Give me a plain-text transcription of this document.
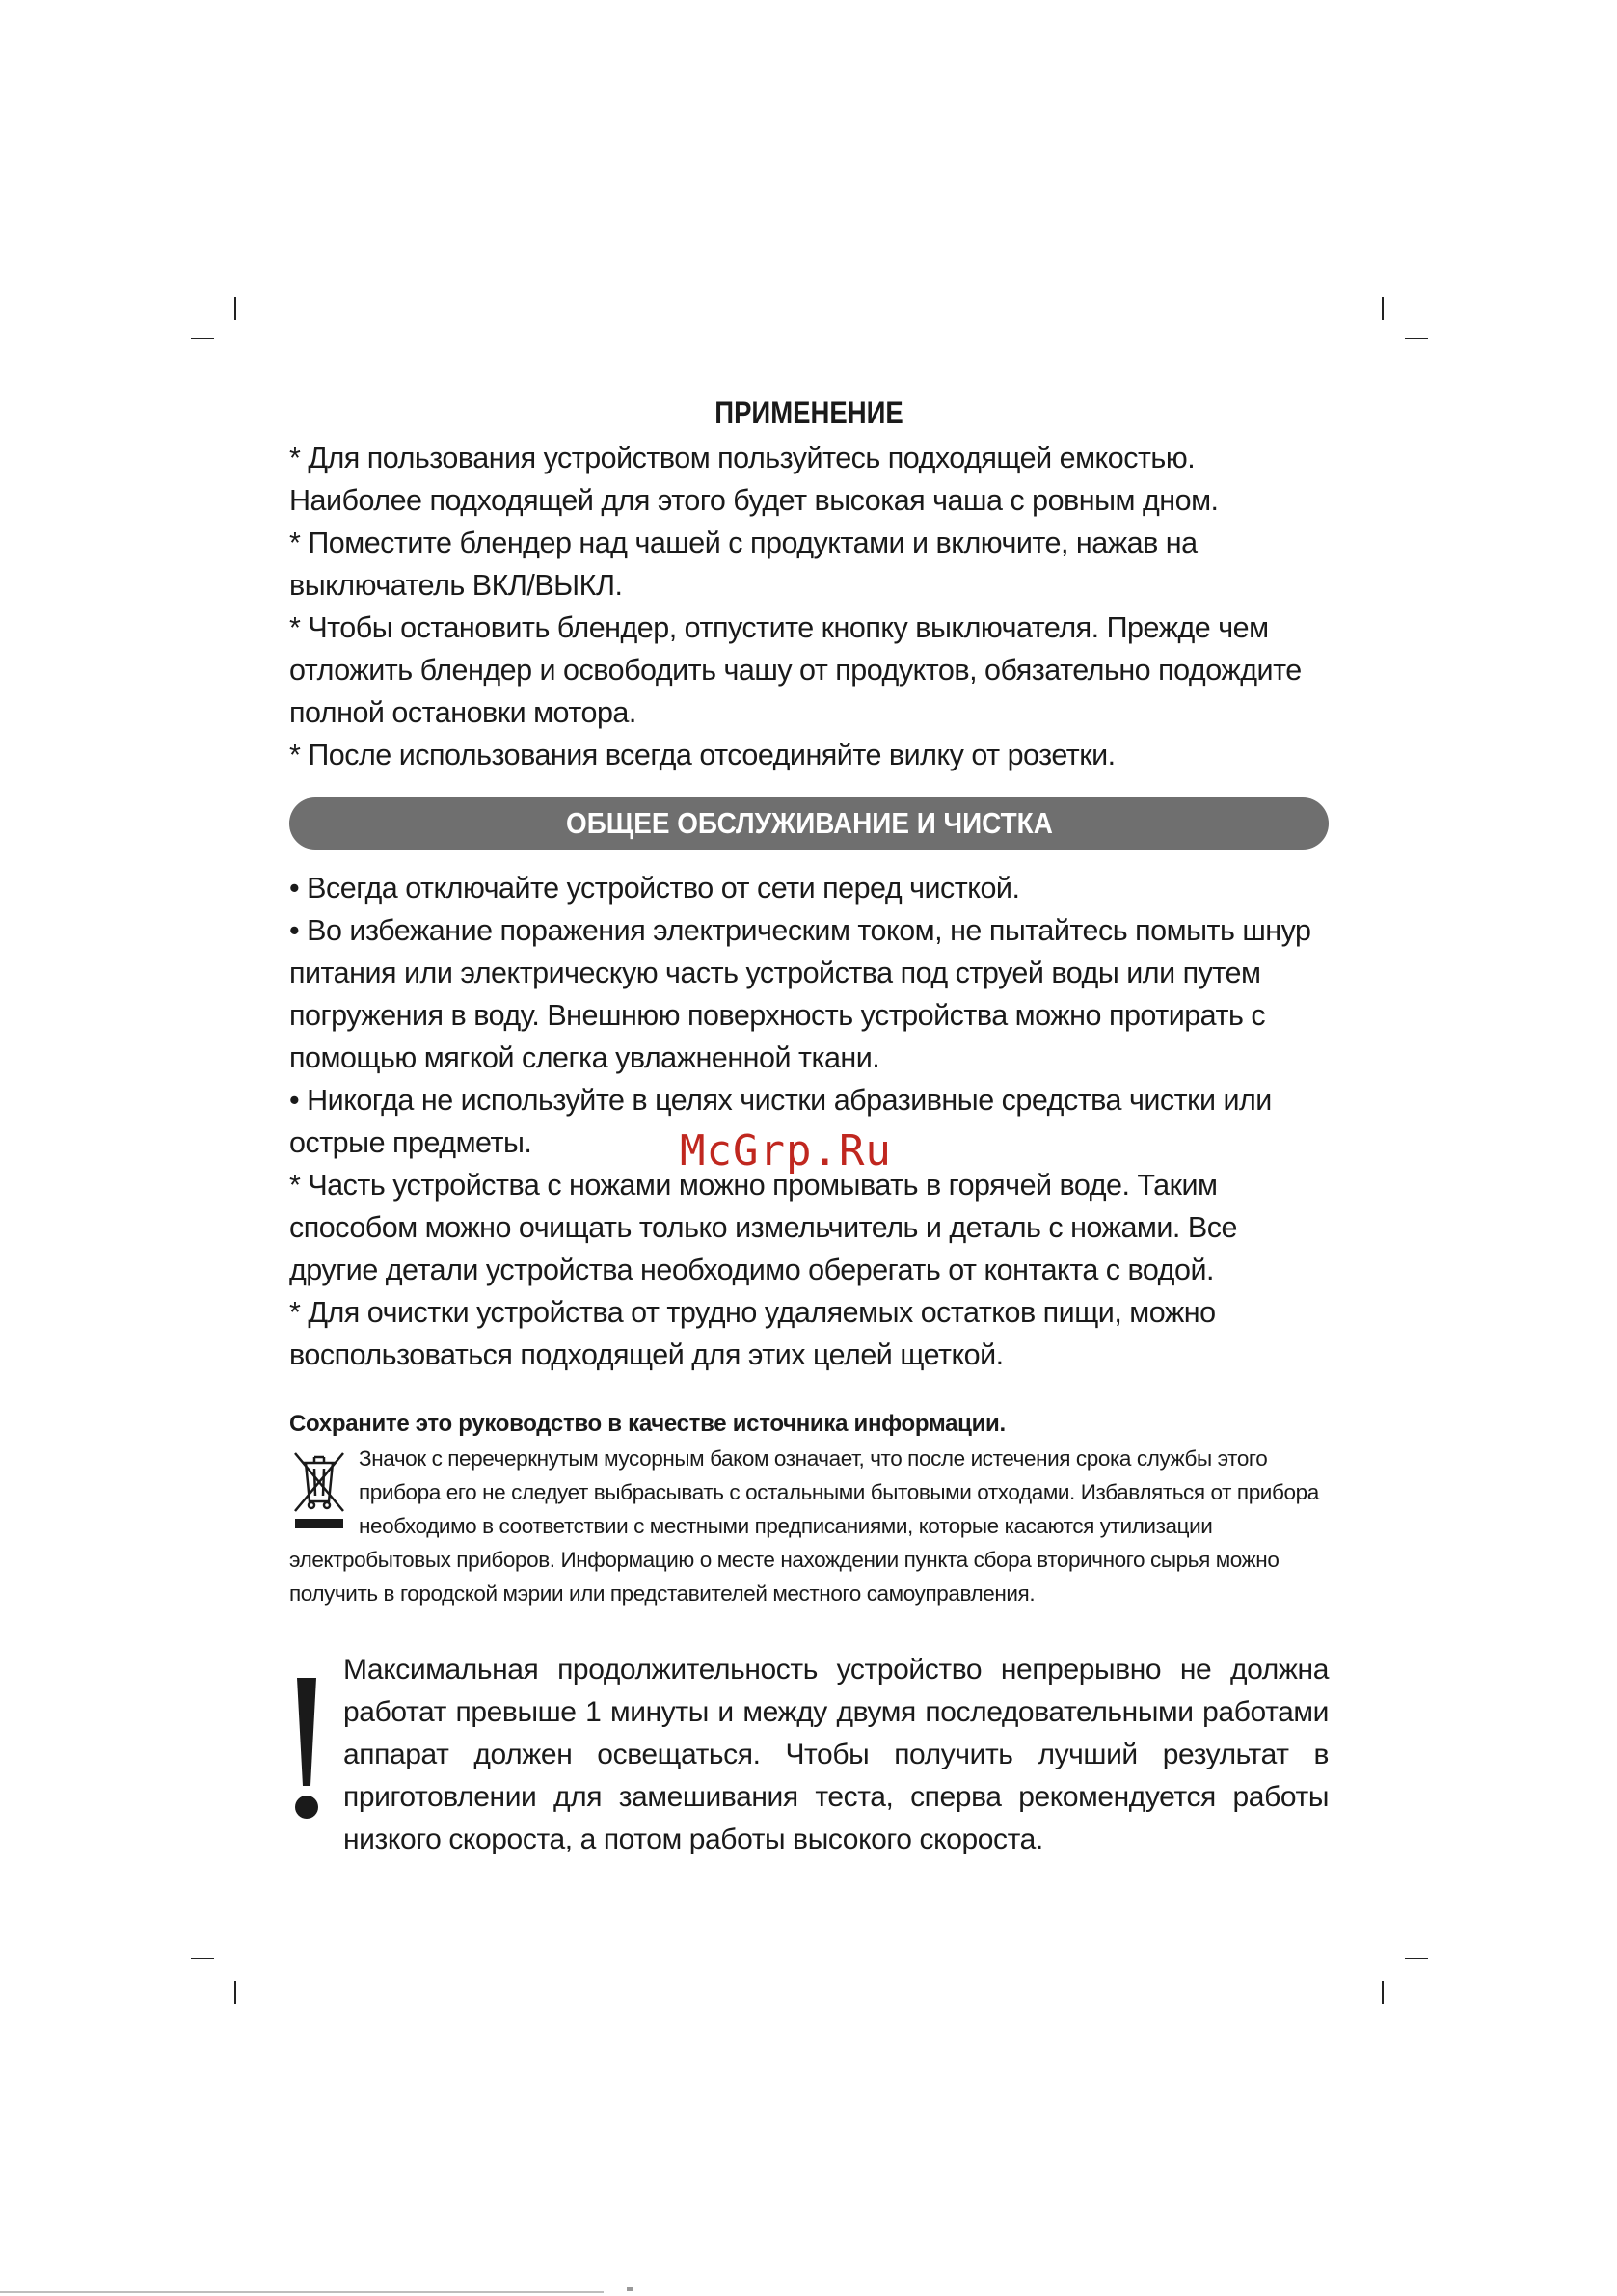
ПРИМЕНЕНИЕ

* Для пользования устройством пользуйтесь подходящей емкостью. Наиболее подходящей для этого будет высокая чаша с ровным дном.

* Поместите блендер над чашей с продуктами и включите, нажав на выключатель ВКЛ/ВЫКЛ.

* Чтобы остановить блендер, отпустите кнопку выключателя. Прежде чем отложить блендер и освободить чашу от продуктов, обязательно подождите полной остановки мотора.

* После использования всегда отсоединяйте вилку от розетки.

ОБЩЕЕ ОБСЛУЖИВАНИЕ И ЧИСТКА

• Всегда отключайте устройство от сети перед чисткой.

• Во избежание поражения электрическим током, не пытайтесь помыть шнур питания или электрическую часть устройства под струей воды или путем погружения в воду. Внешнюю поверхность устройства можно протирать с помощью мягкой слегка увлажненной ткани.

• Никогда не используйте в целях чистки абразивные средства чистки или острые предметы.

* Часть устройства с ножами можно промывать в горячей воде. Таким способом можно очищать только измельчитель и деталь с ножами. Все другие детали устройства необходимо оберегать от контакта с водой.

* Для очистки устройства от трудно удаляемых остатков пищи, можно воспользоваться подходящей для этих целей щеткой.

Сохраните это руководство в качестве источника информации.

Значок с перечеркнутым мусорным баком означает, что после истечения срока службы этого прибора его не следует выбрасывать с остальными бытовыми отходами. Избавляться от прибора необходимо в соответствии с местными предписаниями, которые касаются утилизации электробытовых приборов. Информацию о месте нахождении пункта сбора вторичного сырья можно получить в городской мэрии или представителей местного самоуправления.

Максимальная продолжительность устройство непрерывно не должна работат превыше 1 минуты и между двумя последовательными работами аппарат должен освещаться. Чтобы получить лучший результат в приготовлении для замешивания теста, сперва рекомендуется работы низкого скороста, а потом работы высокого скороста.

McGrp.Ru
